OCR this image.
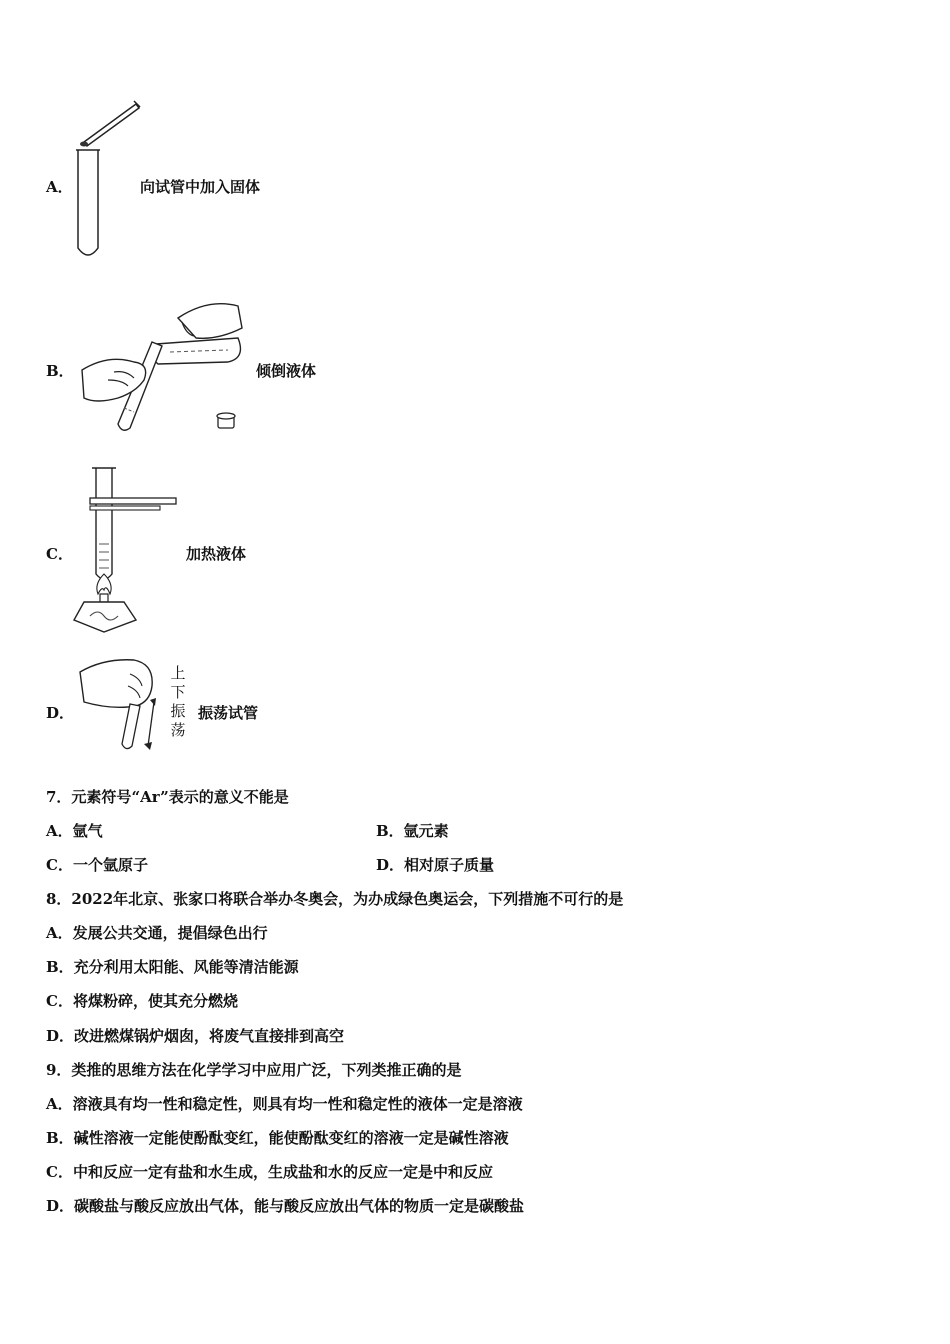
A．	向试管中加入固体
B．	倾倒液体
C．	加热液体
D．
上
下
振
荡
振荡试管
7．元素符号“Ar”表示的意义不能是
A．氩气	B．氩元素
C．一个氩原子	D．相对原子质量
8．2022年北京、张家口将联合举办冬奥会，为办成绿色奥运会，下列措施不可行的是
A．发展公共交通，提倡绿色出行
B．充分利用太阳能、风能等清洁能源
C．将煤粉碎，使其充分燃烧
D．改进燃煤锅炉烟囱，将废气直接排到高空
9．类推的思维方法在化学学习中应用广泛，下列类推正确的是
A．溶液具有均一性和稳定性，则具有均一性和稳定性的液体一定是溶液
B．碱性溶液一定能使酚酞变红，能使酚酞变红的溶液一定是碱性溶液
C．中和反应一定有盐和水生成，生成盐和水的反应一定是中和反应
D．碳酸盐与酸反应放出气体，能与酸反应放出气体的物质一定是碳酸盐
